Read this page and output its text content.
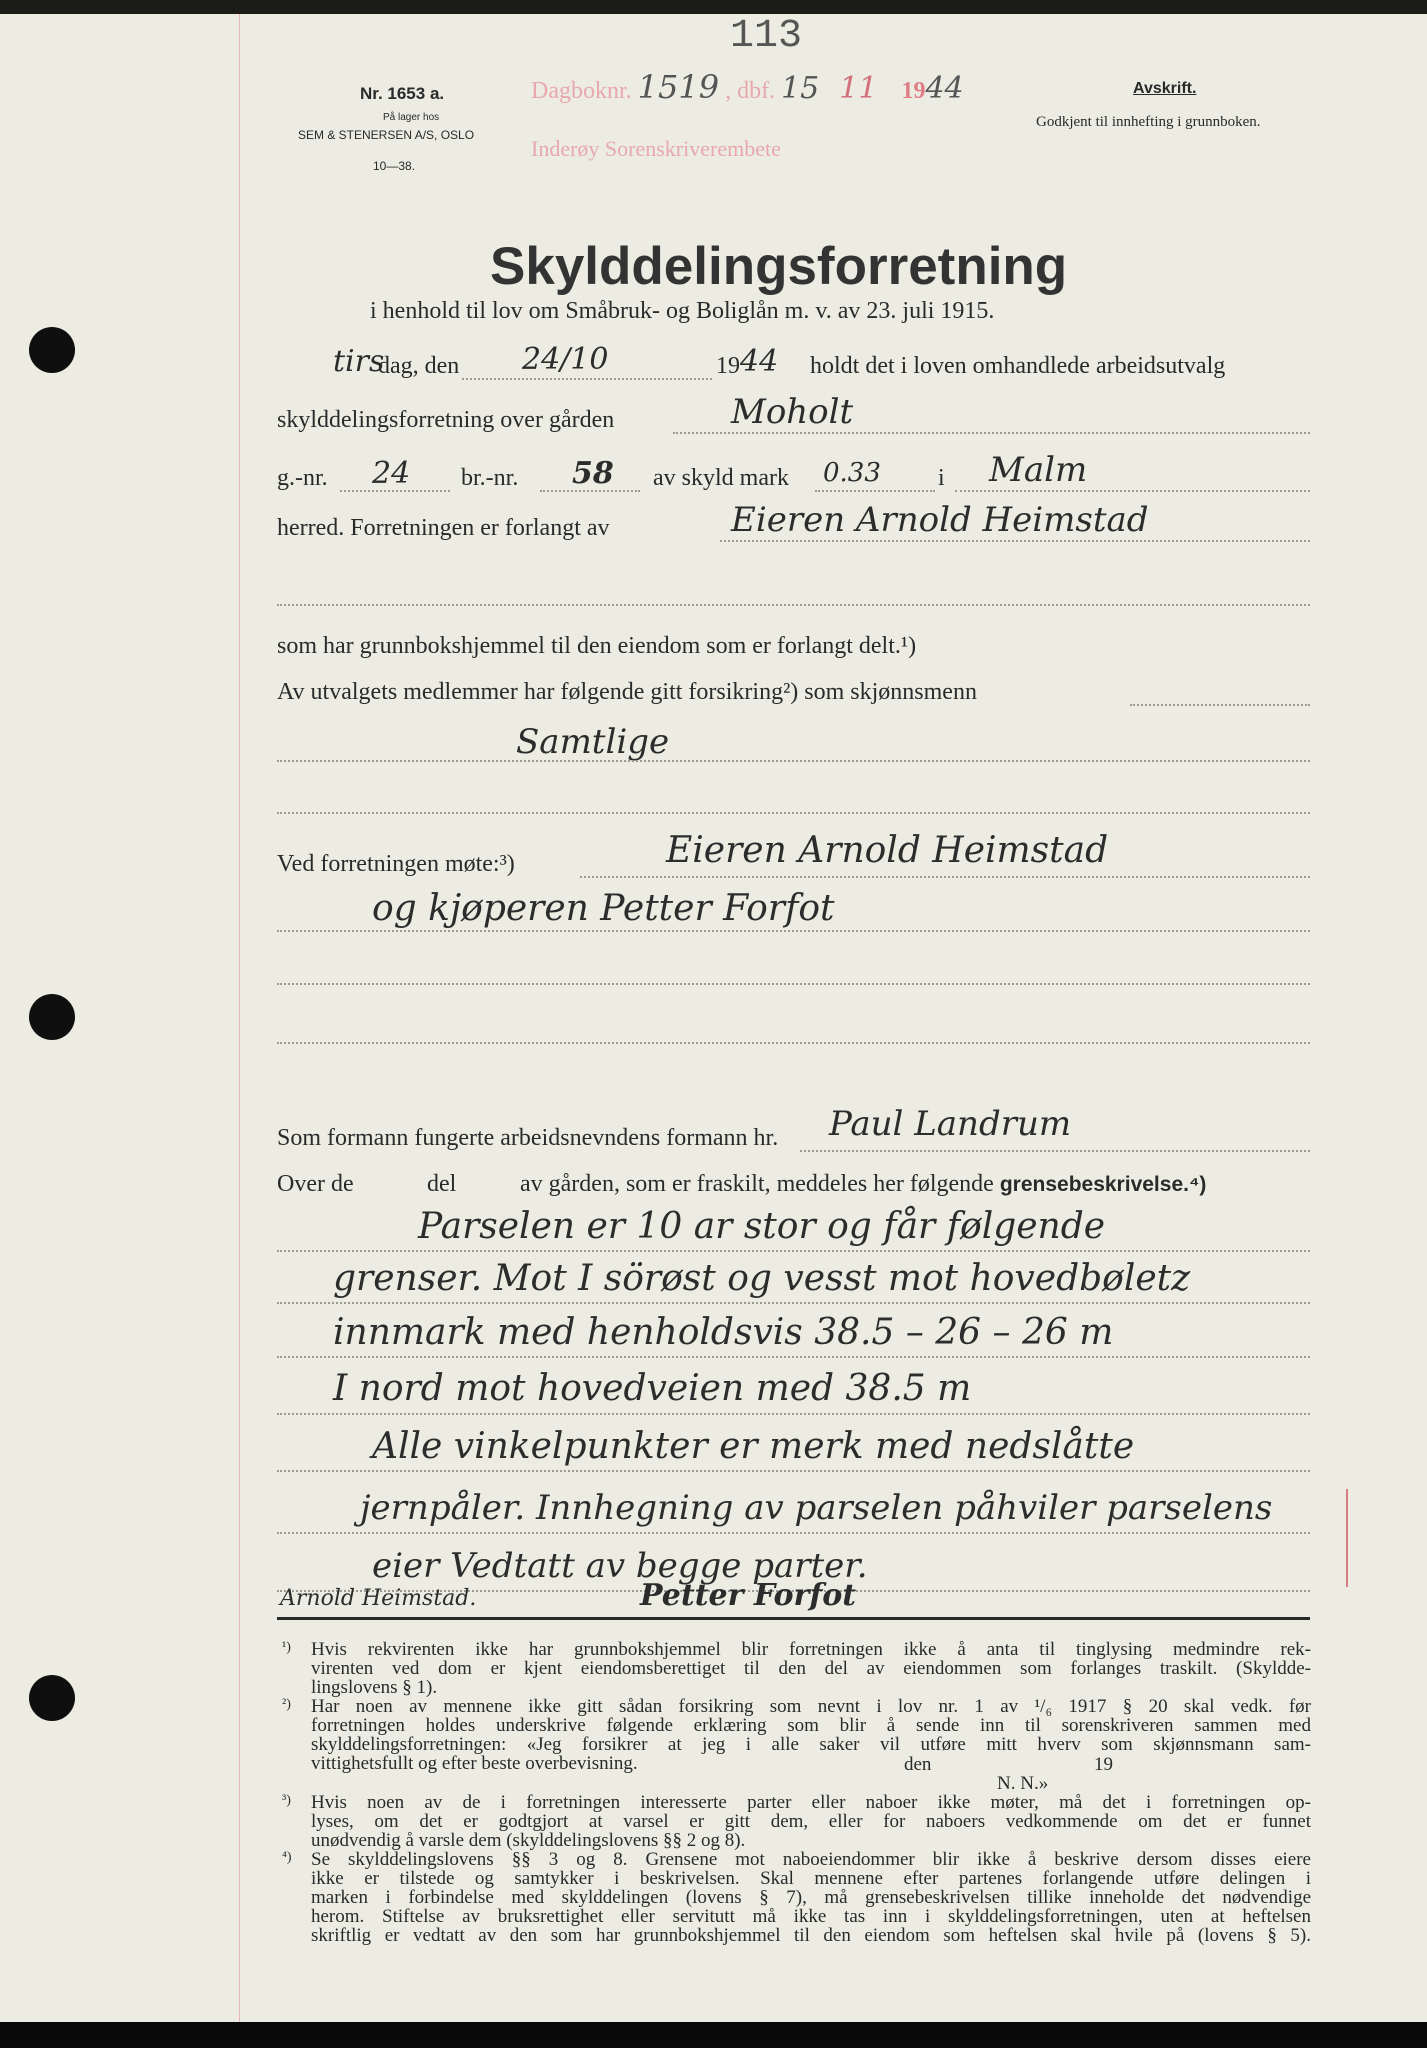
113
Nr. 1653 a.
På lager hos
SEM & STENERSEN A/S, OSLO
10—38.
Dagboknr. 1519 , dbf. 15 11 1944
Inderøy Sorenskriverembete
Avskrift.
Godkjent til innhefting i grunnboken.
Skylddelingsforretning
i henhold til lov om Småbruk- og Boliglån m. v. av 23. juli 1915.
tirs
dag, den 24/10	19 44 holdt det i loven omhandlede arbeidsutvalg
skylddelingsforretning over gården	Moholt
g.-nr. 24 br.-nr. 58 av skyld mark 0.33 i Malm
herred. Forretningen er forlangt av	Eieren Arnold Heimstad
som har grunnbokshjemmel til den eiendom som er forlangt delt.¹)
Av utvalgets medlemmer har følgende gitt forsikring²) som skjønnsmenn
Samtlige
Ved forretningen møte:³)	Eieren Arnold Heimstad
og kjøperen Petter Forfot
Som formann fungerte arbeidsnevndens formann hr. Paul Landrum
Over de	del	av gården, som er fraskilt, meddeles her følgende grensebeskrivelse.⁴)
Parselen er 10 ar stor og får følgende
grenser. Mot I sörøst og vesst mot hovedbøletz
innmark med henholdsvis 38.5 – 26 – 26 m
I nord mot hovedveien med 38.5 m
Alle vinkelpunkter er merk med nedslåtte
jernpåler. Innhegning av parselen påhviler parselens
eier Vedtatt av begge parter.
Arnold Heimstad.	Petter Forfot
¹) Hvis rekvirenten ikke har grunnbokshjemmel blir forretningen ikke å anta til tinglysing medmindre rek-
virenten ved dom er kjent eiendomsberettiget til den del av eiendommen som forlanges traskilt. (Skyldde-
lingslovens § 1).
²) Har noen av mennene ikke gitt sådan forsikring som nevnt i lov nr. 1 av ¹/₆ 1917 § 20 skal vedk. før
forretningen holdes underskrive følgende erklæring som blir å sende inn til sorenskriveren sammen med
skylddelingsforretningen: «Jeg forsikrer at jeg i alle saker vil utføre mitt hverv som skjønnsmann sam-
vittighetsfullt og efter beste overbevisning.	den	19
N. N.»
³) Hvis noen av de i forretningen interesserte parter eller naboer ikke møter, må det i forretningen op-
lyses, om det er godtgjort at varsel er gitt dem, eller for naboers vedkommende om det er funnet
unødvendig å varsle dem (skylddelingslovens §§ 2 og 8).
⁴) Se skylddelingslovens §§ 3 og 8. Grensene mot naboeiendommer blir ikke å beskrive dersom disses eiere
ikke er tilstede og samtykker i beskrivelsen. Skal mennene efter partenes forlangende utføre delingen i
marken i forbindelse med skylddelingen (lovens § 7), må grensebeskrivelsen tillike inneholde det nødvendige
herom. Stiftelse av bruksrettighet eller servitutt må ikke tas inn i skylddelingsforretningen, uten at heftelsen
skriftlig er vedtatt av den som har grunnbokshjemmel til den eiendom som heftelsen skal hvile på (lovens § 5).
